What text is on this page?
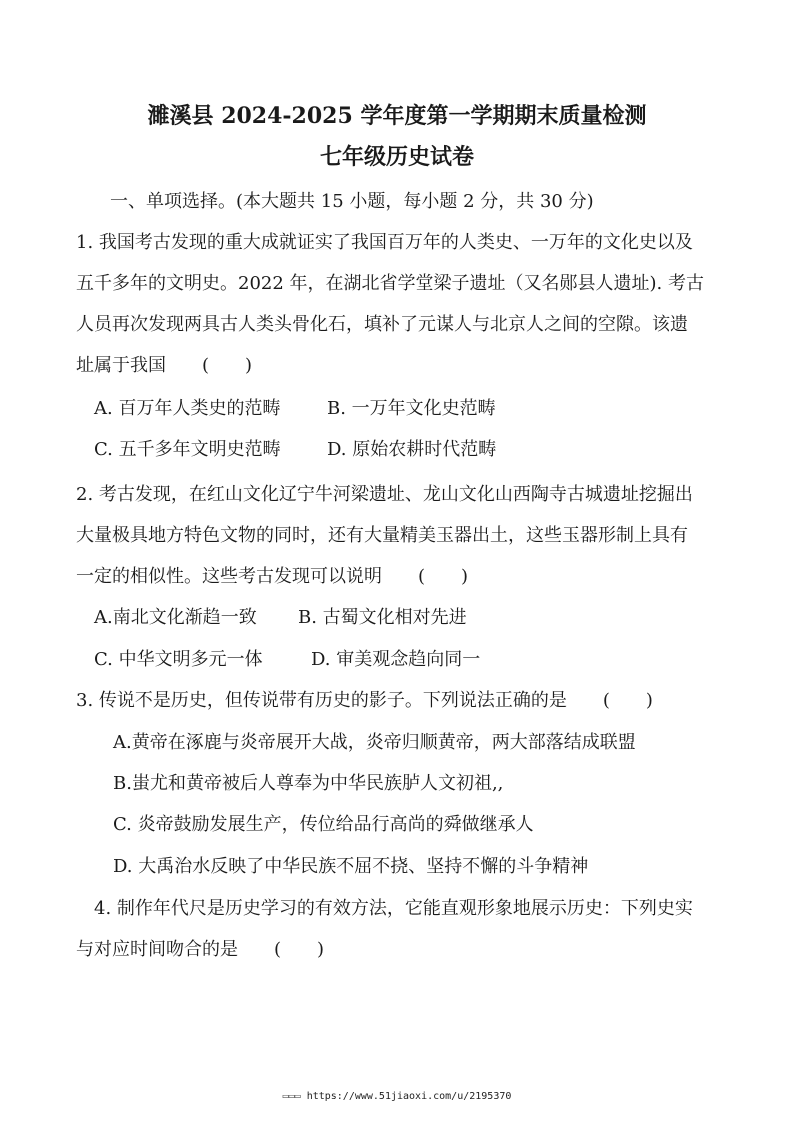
濉溪县 2024-2025 学年度第一学期期末质量检测
七年级历史试卷
一、单项选择。(本大题共 15 小题，每小题 2 分，共 30 分)
1. 我国考古发现的重大成就证实了我国百万年的人类史、一万年的文化史以及
五千多年的文明史。2022 年，在湖北省学堂梁子遗址（又名郧县人遗址). 考古
人员再次发现两具古人类头骨化石，填补了元谋人与北京人之间的空隙。该遗
址属于我国　　(　　)
A. 百万年人类史的范畴	B. 一万年文化史范畴
C. 五千多年文明史范畴	D. 原始农耕时代范畴
2. 考古发现，在红山文化辽宁牛河梁遗址、龙山文化山西陶寺古城遗址挖掘出
大量极具地方特色文物的同时，还有大量精美玉器出土，这些玉器形制上具有
一定的相似性。这些考古发现可以说明　　(　　)
A.南北文化渐趋一致 B. 古蜀文化相对先进
C. 中华文明多元一体	D. 审美观念趋向同一
3. 传说不是历史，但传说带有历史的影子。下列说法正确的是　　(　　)
A.黄帝在涿鹿与炎帝展开大战，炎帝归顺黄帝，两大部落结成联盟
B.蚩尤和黄帝被后人尊奉为中华民族胪人文初祖,,
C. 炎帝鼓励发展生产，传位给品行高尚的舜做继承人
D. 大禹治水反映了中华民族不屈不挠、坚持不懈的斗争精神
4. 制作年代尺是历史学习的有效方法，它能直观形象地展示历史：下列史实
与对应时间吻合的是　　(　　)
▭▭▭ https://www.51jiaoxi.com/u/2195370
